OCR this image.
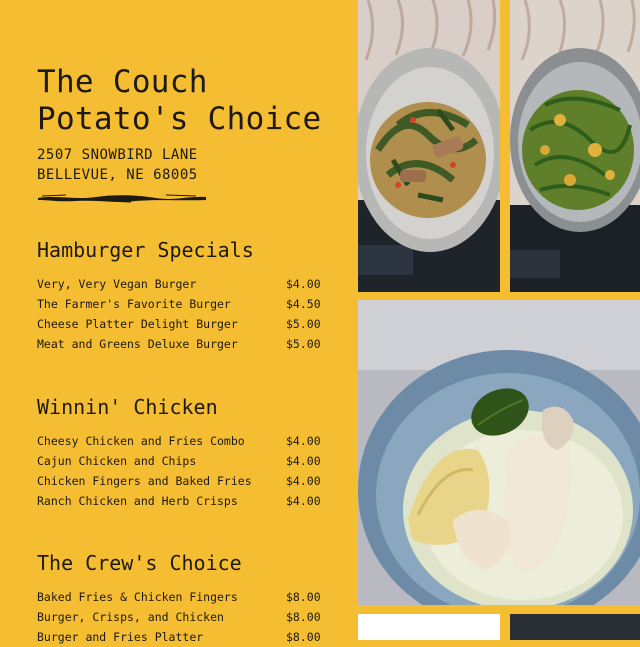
The Couch
Potato's Choice
2507 SNOWBIRD LANE
BELLEVUE, NE 68005
Hamburger Specials
Very, Very Vegan Burger	$4.00
The Farmer's Favorite Burger	$4.50
Cheese Platter Delight Burger	$5.00
Meat and Greens Deluxe Burger	$5.00
Winnin' Chicken
Cheesy Chicken and Fries Combo	$4.00
Cajun Chicken and Chips	$4.00
Chicken Fingers and Baked Fries	$4.00
Ranch Chicken and Herb Crisps	$4.00
The Crew's Choice
Baked Fries & Chicken Fingers	$8.00
Burger, Crisps, and Chicken	$8.00
Burger and Fries Platter	$8.00
